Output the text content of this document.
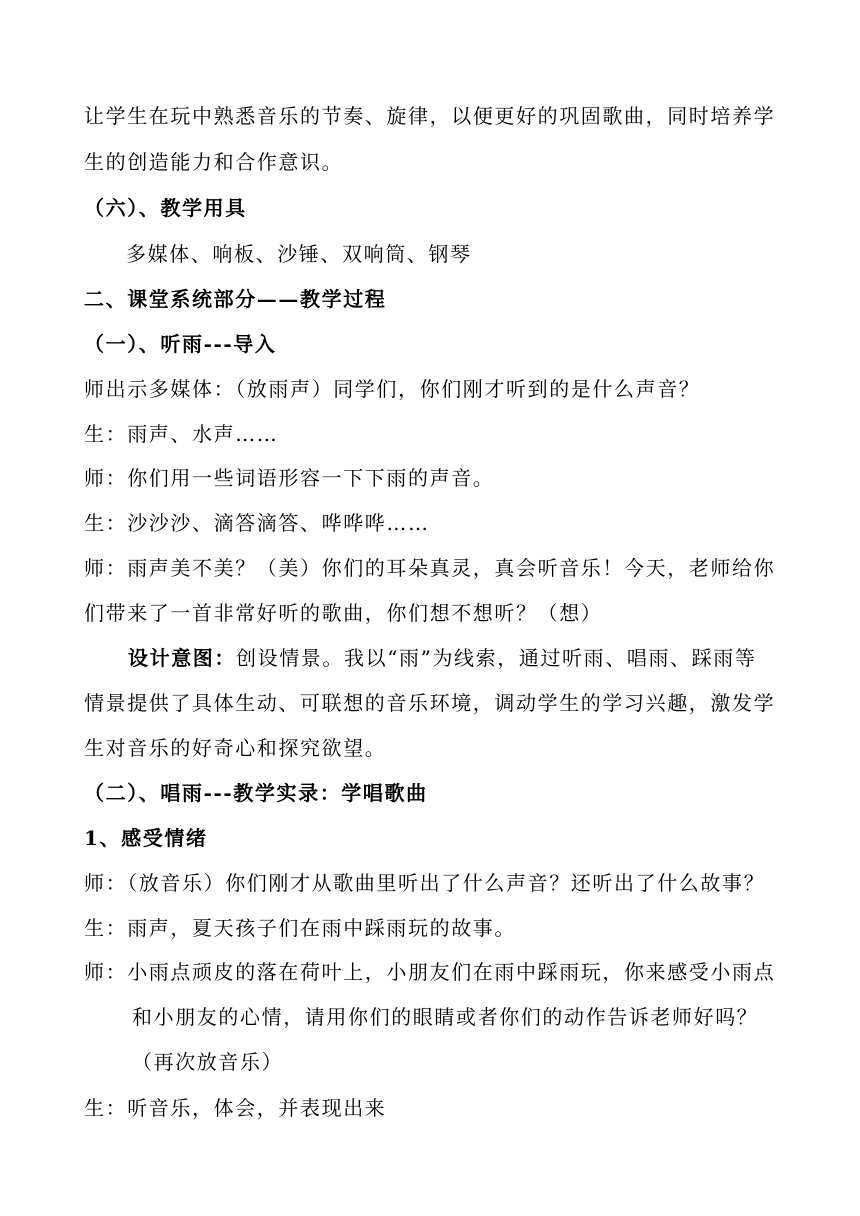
让学生在玩中熟悉音乐的节奏、旋律，以便更好的巩固歌曲，同时培养学

生的创造能力和合作意识。

（六）、教学用具

多媒体、响板、沙锤、双响筒、钢琴

二、课堂系统部分——教学过程

（一）、听雨---导入

师出示多媒体：（放雨声）同学们，你们刚才听到的是什么声音？

生：雨声、水声……

师：你们用一些词语形容一下下雨的声音。

生：沙沙沙、滴答滴答、哗哗哗……

师：雨声美不美？（美）你们的耳朵真灵，真会听音乐！今天，老师给你

们带来了一首非常好听的歌曲，你们想不想听？（想）

设计意图：创设情景。我以“雨”为线索，通过听雨、唱雨、踩雨等

情景提供了具体生动、可联想的音乐环境，调动学生的学习兴趣，激发学

生对音乐的好奇心和探究欲望。

（二）、唱雨---教学实录：学唱歌曲

1、感受情绪

师：（放音乐）你们刚才从歌曲里听出了什么声音？还听出了什么故事？

生：雨声，夏天孩子们在雨中踩雨玩的故事。

师：小雨点顽皮的落在荷叶上，小朋友们在雨中踩雨玩，你来感受小雨点

和小朋友的心情，请用你们的眼睛或者你们的动作告诉老师好吗？

（再次放音乐）

生：听音乐，体会，并表现出来
